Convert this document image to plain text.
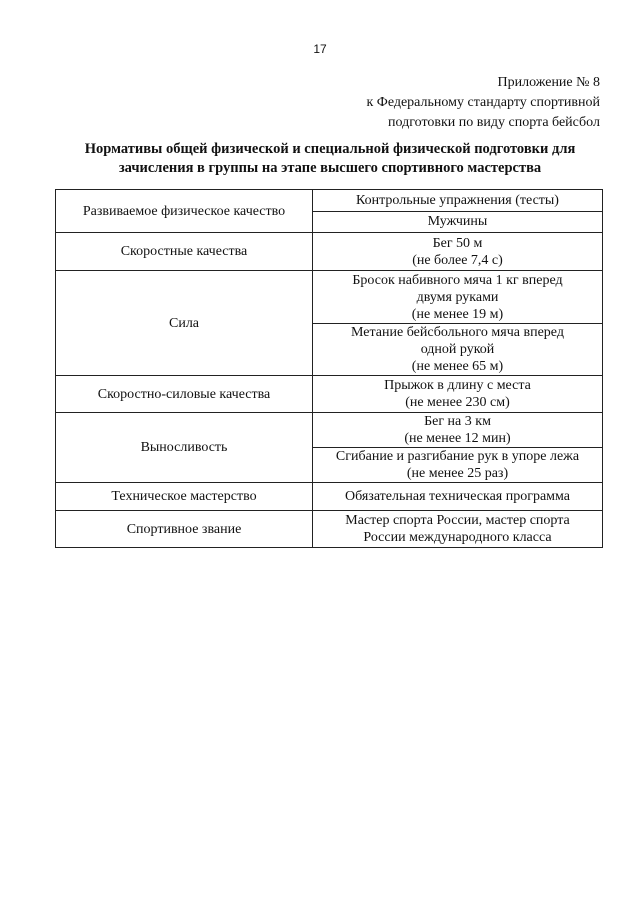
17
Приложение № 8
к Федеральному стандарту спортивной
подготовки по виду спорта бейсбол
Нормативы общей физической и специальной физической подготовки для
зачисления в группы на этапе высшего спортивного мастерства
Развиваемое физическое качество	Контрольные упражнения (тесты)
	Мужчины
Скоростные качества	Бег 50 м
(не более 7,4 с)

Сила	Бросок набивного мяча 1 кг вперед
двумя руками
(не менее 19 м)

	Метание бейсбольного мяча вперед
одной рукой
(не менее 65 м)

Скоростно-силовые качества	Прыжок в длину с места
(не менее 230 см)

Выносливость	Бег на 3 км
(не менее 12 мин)

	Сгибание и разгибание рук в упоре лежа
(не менее 25 раз)

Техническое мастерство	Обязательная техническая программа

Спортивное звание	Мастер спорта России, мастер спорта
России международного класса
